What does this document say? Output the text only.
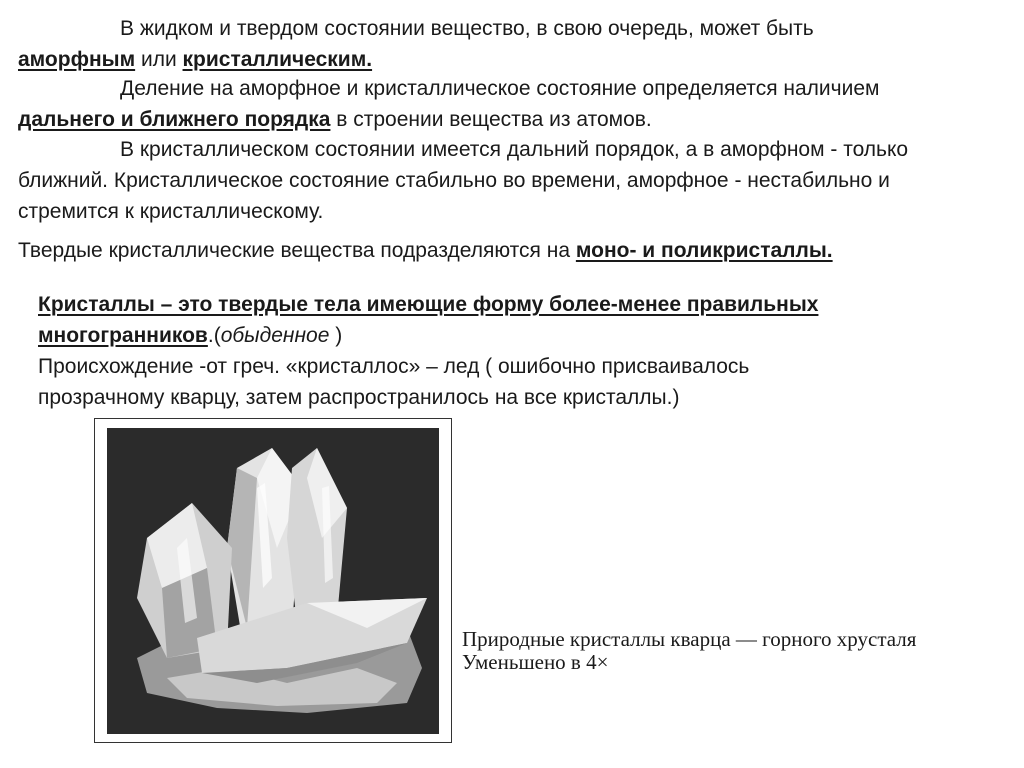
В жидком и твердом состоянии вещество, в свою очередь, может быть
аморфным или кристаллическим.

Деление на аморфное и кристаллическое состояние определяется наличием
дальнего и ближнего порядка в строении вещества из атомов.

В кристаллическом состоянии имеется дальний порядок, а в аморфном - только
ближний. Кристаллическое состояние стабильно во времени, аморфное - нестабильно и
стремится к кристаллическому.

Твердые кристаллические вещества подразделяются на моно- и поликристаллы.

Кристаллы – это твердые тела имеющие форму более-менее правильных
многогранников.(обыденное )
Происхождение -от греч. «кристаллос» – лед ( ошибочно присваивалось
прозрачному кварцу, затем распространилось на все кристаллы.)

Природные кристаллы кварца — горного хрусталя
Уменьшено в 4×
